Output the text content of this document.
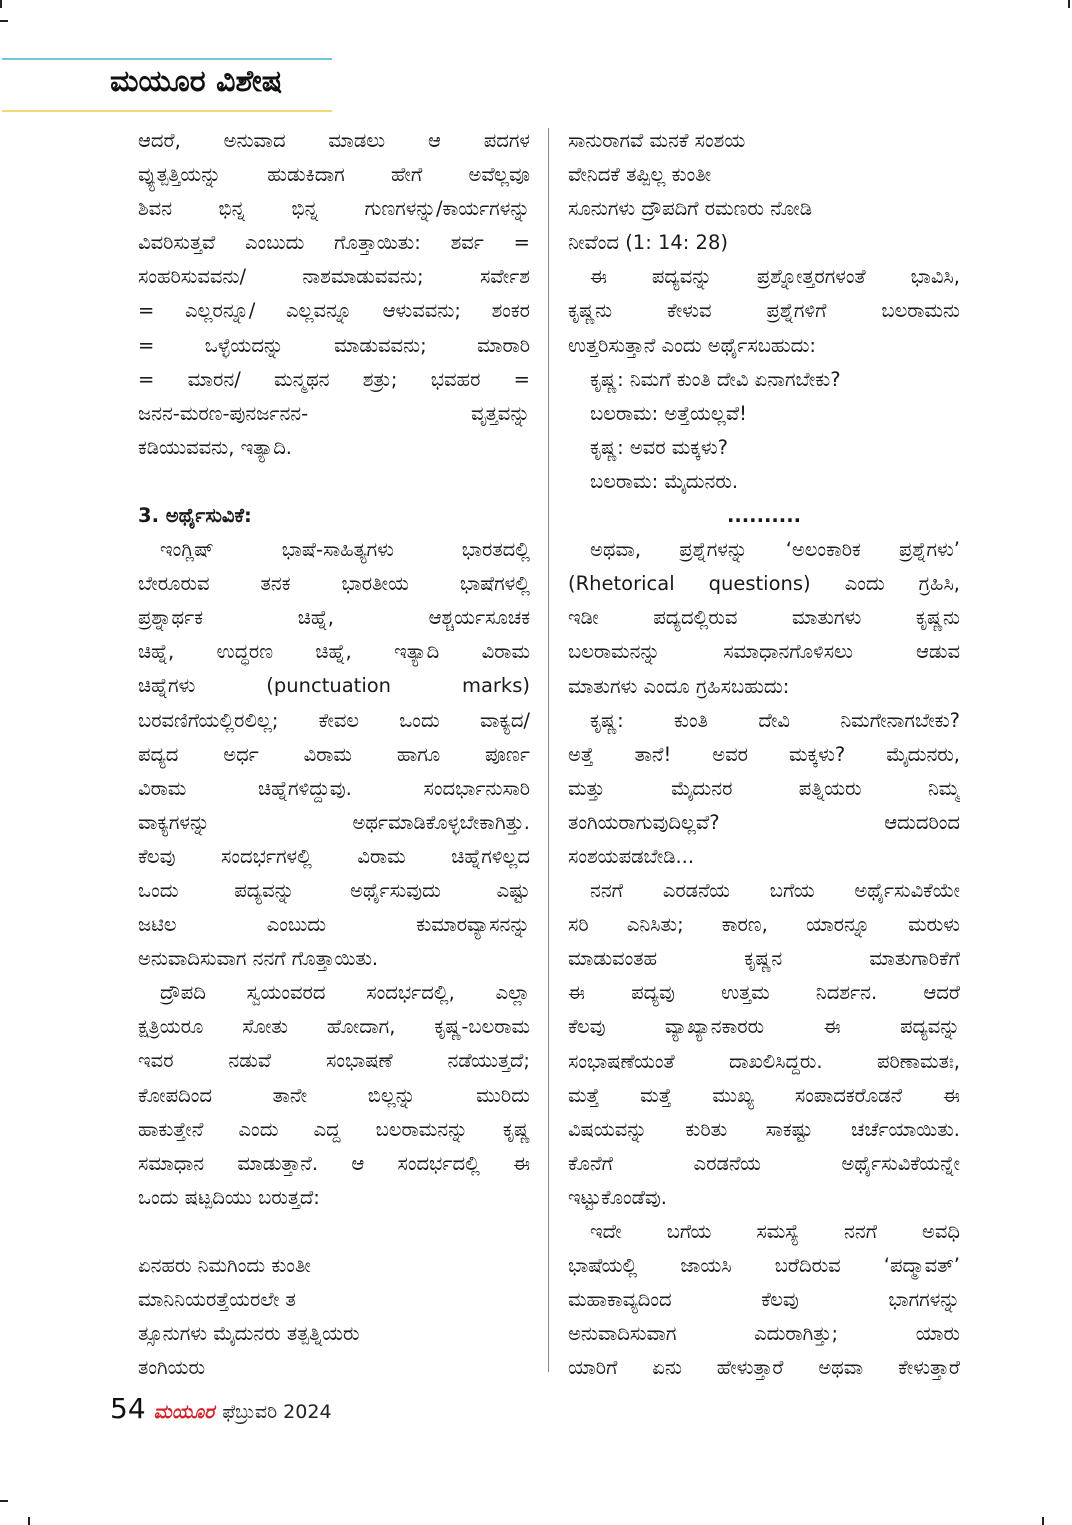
ಮಯೂರ ವಿಶೇಷ

ಆದರೆ, ಅನುವಾದ ಮಾಡಲು ಆ ಪದಗಳ

ವ್ಯುತ್ಪತ್ತಿಯನ್ನು ಹುಡುಕಿದಾಗ ಹೇಗೆ ಅವೆಲ್ಲವೂ

ಶಿವನ ಭಿನ್ನ ಭಿನ್ನ ಗುಣಗಳನ್ನು/ಕಾರ್ಯಗಳನ್ನು

ವಿವರಿಸುತ್ತವೆ ಎಂಬುದು ಗೊತ್ತಾಯಿತು: ಶರ್ವ =

ಸಂಹರಿಸುವವನು/ ನಾಶಮಾಡುವವನು; ಸರ್ವೇಶ

= ಎಲ್ಲರನ್ನೂ/ ಎಲ್ಲವನ್ನೂ ಆಳುವವನು; ಶಂಕರ

= ಒಳ್ಳೆಯದನ್ನು ಮಾಡುವವನು; ಮಾರಾರಿ

= ಮಾರನ/ ಮನ್ಮಥನ ಶತ್ರು; ಭವಹರ =

ಜನನ-ಮರಣ-ಪುನರ್ಜನನ- ವೃತ್ತವನ್ನು

ಕಡಿಯುವವನು, ಇತ್ಯಾದಿ.

3. ಅರ್ಥೈಸುವಿಕೆ:

ಇಂಗ್ಲಿಷ್ ಭಾಷೆ-ಸಾಹಿತ್ಯಗಳು ಭಾರತದಲ್ಲಿ

ಬೇರೂರುವ ತನಕ ಭಾರತೀಯ ಭಾಷೆಗಳಲ್ಲಿ

ಪ್ರಶ್ನಾರ್ಥಕ ಚಿಹ್ನೆ, ಆಶ್ಚರ್ಯಸೂಚಕ

ಚಿಹ್ನೆ, ಉದ್ಧರಣ ಚಿಹ್ನೆ, ಇತ್ಯಾದಿ ವಿರಾಮ

ಚಿಹ್ನೆಗಳು (punctuation marks)

ಬರವಣಿಗೆಯಲ್ಲಿರಲಿಲ್ಲ; ಕೇವಲ ಒಂದು ವಾಕ್ಯದ/

ಪದ್ಯದ ಅರ್ಧ ವಿರಾಮ ಹಾಗೂ ಪೂರ್ಣ

ವಿರಾಮ ಚಿಹ್ನೆಗಳಿದ್ದುವು. ಸಂದರ್ಭಾನುಸಾರಿ

ವಾಕ್ಯಗಳನ್ನು ಅರ್ಥಮಾಡಿಕೊಳ್ಳಬೇಕಾಗಿತ್ತು.

ಕೆಲವು ಸಂದರ್ಭಗಳಲ್ಲಿ ವಿರಾಮ ಚಿಹ್ನೆಗಳಿಲ್ಲದ

ಒಂದು ಪದ್ಯವನ್ನು ಅರ್ಥೈಸುವುದು ಎಷ್ಟು

ಜಟಿಲ ಎಂಬುದು ಕುಮಾರವ್ಯಾಸನನ್ನು

ಅನುವಾದಿಸುವಾಗ ನನಗೆ ಗೊತ್ತಾಯಿತು.

ದ್ರೌಪದಿ ಸ್ವಯಂವರದ ಸಂದರ್ಭದಲ್ಲಿ, ಎಲ್ಲಾ

ಕ್ಷತ್ರಿಯರೂ ಸೋತು ಹೋದಾಗ, ಕೃಷ್ಣ-ಬಲರಾಮ

ಇವರ ನಡುವೆ ಸಂಭಾಷಣೆ ನಡೆಯುತ್ತದೆ;

ಕೋಪದಿಂದ ತಾನೇ ಬಿಲ್ಲನ್ನು ಮುರಿದು

ಹಾಕುತ್ತೇನೆ ಎಂದು ಎದ್ದ ಬಲರಾಮನನ್ನು ಕೃಷ್ಣ

ಸಮಾಧಾನ ಮಾಡುತ್ತಾನೆ. ಆ ಸಂದರ್ಭದಲ್ಲಿ ಈ

ಒಂದು ಷಟ್ಪದಿಯು ಬರುತ್ತದೆ:

ಏನಹರು ನಿಮಗಿಂದು ಕುಂತೀ

ಮಾನಿನಿಯರತ್ತೆಯರಲೇ ತ

ತ್ಸೂನುಗಳು ಮೈದುನರು ತತ್ಪತ್ನಿಯರು

ತಂಗಿಯರು

ಸಾನುರಾಗವೆ ಮನಕೆ ಸಂಶಯ

ವೇನಿದಕೆ ತಪ್ಪಿಲ್ಲ ಕುಂತೀ

ಸೂನುಗಳು ದ್ರೌಪದಿಗೆ ರಮಣರು ನೋಡಿ

ನೀವೆಂದ (1: 14: 28)

ಈ ಪದ್ಯವನ್ನು ಪ್ರಶ್ನೋತ್ತರಗಳಂತೆ ಭಾವಿಸಿ,

ಕೃಷ್ಣನು ಕೇಳುವ ಪ್ರಶ್ನೆಗಳಿಗೆ ಬಲರಾಮನು

ಉತ್ತರಿಸುತ್ತಾನೆ ಎಂದು ಅರ್ಥೈಸಬಹುದು:

ಕೃಷ್ಣ: ನಿಮಗೆ ಕುಂತಿ ದೇವಿ ಏನಾಗಬೇಕು?

ಬಲರಾಮ: ಅತ್ತೆಯಲ್ಲವೆ!

ಕೃಷ್ಣ: ಅವರ ಮಕ್ಕಳು?

ಬಲರಾಮ: ಮೈದುನರು.

..........

ಅಥವಾ, ಪ್ರಶ್ನೆಗಳನ್ನು ‘ಅಲಂಕಾರಿಕ ಪ್ರಶ್ನೆಗಳು’

(Rhetorical questions) ಎಂದು ಗ್ರಹಿಸಿ,

ಇಡೀ ಪದ್ಯದಲ್ಲಿರುವ ಮಾತುಗಳು ಕೃಷ್ಣನು

ಬಲರಾಮನನ್ನು ಸಮಾಧಾನಗೊಳಿಸಲು ಆಡುವ

ಮಾತುಗಳು ಎಂದೂ ಗ್ರಹಿಸಬಹುದು:

ಕೃಷ್ಣ: ಕುಂತಿ ದೇವಿ ನಿಮಗೇನಾಗಬೇಕು?

ಅತ್ತೆ ತಾನೆ! ಅವರ ಮಕ್ಕಳು? ಮೈದುನರು,

ಮತ್ತು ಮೈದುನರ ಪತ್ನಿಯರು ನಿಮ್ಮ

ತಂಗಿಯರಾಗುವುದಿಲ್ಲವೆ? ಆದುದರಿಂದ

ಸಂಶಯಪಡಬೇಡಿ...

ನನಗೆ ಎರಡನೆಯ ಬಗೆಯ ಅರ್ಥೈಸುವಿಕೆಯೇ

ಸರಿ ಎನಿಸಿತು; ಕಾರಣ, ಯಾರನ್ನೂ ಮರುಳು

ಮಾಡುವಂತಹ ಕೃಷ್ಣನ ಮಾತುಗಾರಿಕೆಗೆ

ಈ ಪದ್ಯವು ಉತ್ತಮ ನಿದರ್ಶನ. ಆದರೆ

ಕೆಲವು ವ್ಯಾಖ್ಯಾನಕಾರರು ಈ ಪದ್ಯವನ್ನು

ಸಂಭಾಷಣೆಯಂತೆ ದಾಖಲಿಸಿದ್ದರು. ಪರಿಣಾಮತಃ,

ಮತ್ತೆ ಮತ್ತೆ ಮುಖ್ಯ ಸಂಪಾದಕರೊಡನೆ ಈ

ವಿಷಯವನ್ನು ಕುರಿತು ಸಾಕಷ್ಟು ಚರ್ಚೆಯಾಯಿತು.

ಕೊನೆಗೆ ಎರಡನೆಯ ಅರ್ಥೈಸುವಿಕೆಯನ್ನೇ

ಇಟ್ಟುಕೊಂಡೆವು.

ಇದೇ ಬಗೆಯ ಸಮಸ್ಯೆ ನನಗೆ ಅವಧಿ

ಭಾಷೆಯಲ್ಲಿ ಜಾಯಸಿ ಬರೆದಿರುವ ‘ಪದ್ಮಾವತ್’

ಮಹಾಕಾವ್ಯದಿಂದ ಕೆಲವು ಭಾಗಗಳನ್ನು

ಅನುವಾದಿಸುವಾಗ ಎದುರಾಗಿತ್ತು; ಯಾರು

ಯಾರಿಗೆ ಏನು ಹೇಳುತ್ತಾರೆ ಅಥವಾ ಕೇಳುತ್ತಾರೆ

54 ಮಯೂರ ಫೆಬ್ರುವರಿ 2024
